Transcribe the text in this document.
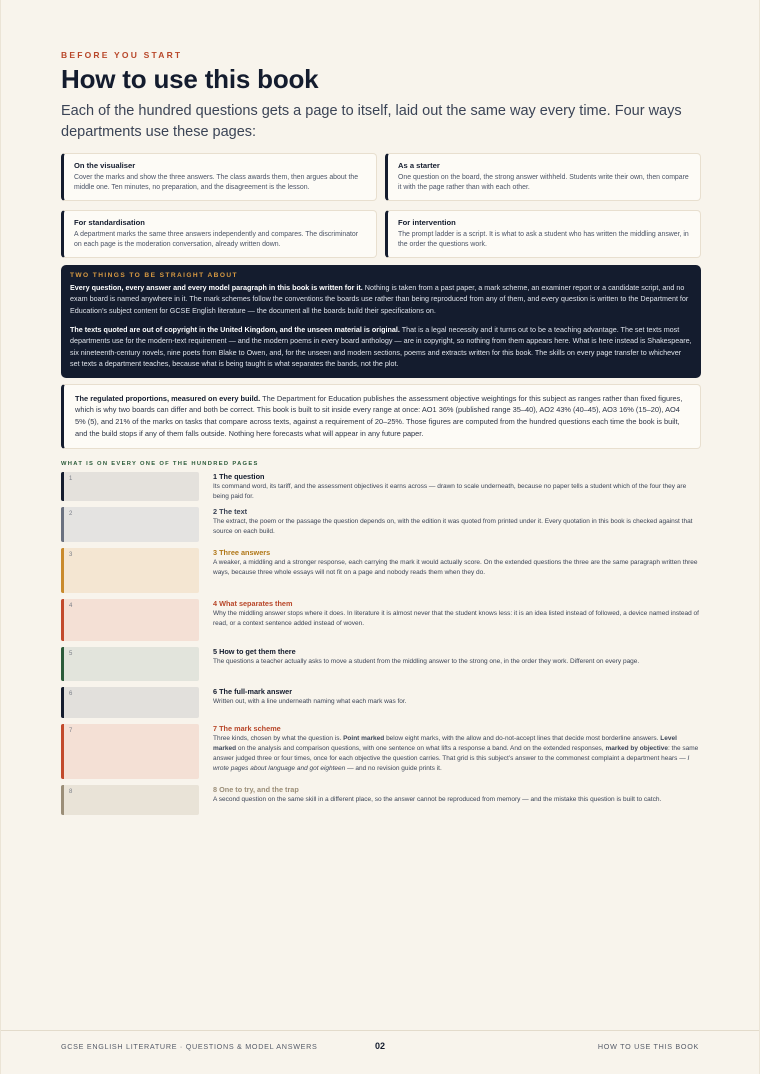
BEFORE YOU START
How to use this book

Each of the hundred questions gets a page to itself, laid out the same way every time. Four ways departments use these pages:

On the visualiser
Cover the marks and show the three answers. The class awards them, then argues about the middle one. Ten minutes, no preparation, and the disagreement is the lesson.
As a starter
One question on the board, the strong answer withheld. Students write their own, then compare it with the page rather than with each other.
For standardisation
A department marks the same three answers independently and compares. The discriminator on each page is the moderation conversation, already written down.
For intervention
The prompt ladder is a script. It is what to ask a student who has written the middling answer, in the order the questions work.
TWO THINGS TO BE STRAIGHT ABOUT

Every question, every answer and every model paragraph in this book is written for it. Nothing is taken from a past paper, a mark scheme, an examiner report or a candidate script, and no exam board is named anywhere in it. The mark schemes follow the conventions the boards use rather than being reproduced from any of them, and every question is written to the Department for Education’s subject content for GCSE English literature — the document all the boards build their specifications on.

The texts quoted are out of copyright in the United Kingdom, and the unseen material is original. That is a legal necessity and it turns out to be a teaching advantage. The set texts most departments use for the modern-text requirement — and the modern poems in every board anthology — are in copyright, so nothing from them appears here. What is here instead is Shakespeare, six nineteenth-century novels, nine poets from Blake to Owen, and, for the unseen and modern sections, poems and extracts written for this book. The skills on every page transfer to whichever set texts a department teaches, because what is being taught is what separates the bands, not the plot.

The regulated proportions, measured on every build. The Department for Education publishes the assessment objective weightings for this subject as ranges rather than fixed figures, which is why two boards can differ and both be correct. This book is built to sit inside every range at once: AO1 36% (published range 35–40), AO2 43% (40–45), AO3 16% (15–20), AO4 5% (5), and 21% of the marks on tasks that compare across texts, against a requirement of 20–25%. Those figures are computed from the hundred questions each time the book is built, and the build stops if any of them falls outside. Nothing here forecasts what will appear in any future paper.

WHAT IS ON EVERY ONE OF THE HUNDRED PAGES
1	1 The question
Its command word, its tariff, and the assessment objectives it earns across — drawn to scale underneath, because no paper tells a student which of the four they are being paid for.
2	2 The text
The extract, the poem or the passage the question depends on, with the edition it was quoted from printed under it. Every quotation in this book is checked against that source on each build.
3	3 Three answers
A weaker, a middling and a stronger response, each carrying the mark it would actually score. On the extended questions the three are the same paragraph written three ways, because three whole essays will not fit on a page and nobody reads them when they do.
4	4 What separates them
Why the middling answer stops where it does. In literature it is almost never that the student knows less: it is an idea listed instead of followed, a device named instead of read, or a context sentence added instead of woven.
5	5 How to get them there
The questions a teacher actually asks to move a student from the middling answer to the strong one, in the order they work. Different on every page.
6	6 The full-mark answer
Written out, with a line underneath naming what each mark was for.
7	7 The mark scheme
Three kinds, chosen by what the question is. Point marked below eight marks, with the allow and do-not-accept lines that decide most borderline answers. Level marked on the analysis and comparison questions, with one sentence on what lifts a response a band. And on the extended responses, marked by objective: the same answer judged three or four times, once for each objective the question carries. That grid is this subject’s answer to the commonest complaint a department hears — I wrote pages about language and got eighteen — and no revision guide prints it.
8	8 One to try, and the trap
A second question on the same skill in a different place, so the answer cannot be reproduced from memory — and the mistake this question is built to catch.
GCSE ENGLISH LITERATURE · QUESTIONS & MODEL ANSWERS	02	HOW TO USE THIS BOOK
